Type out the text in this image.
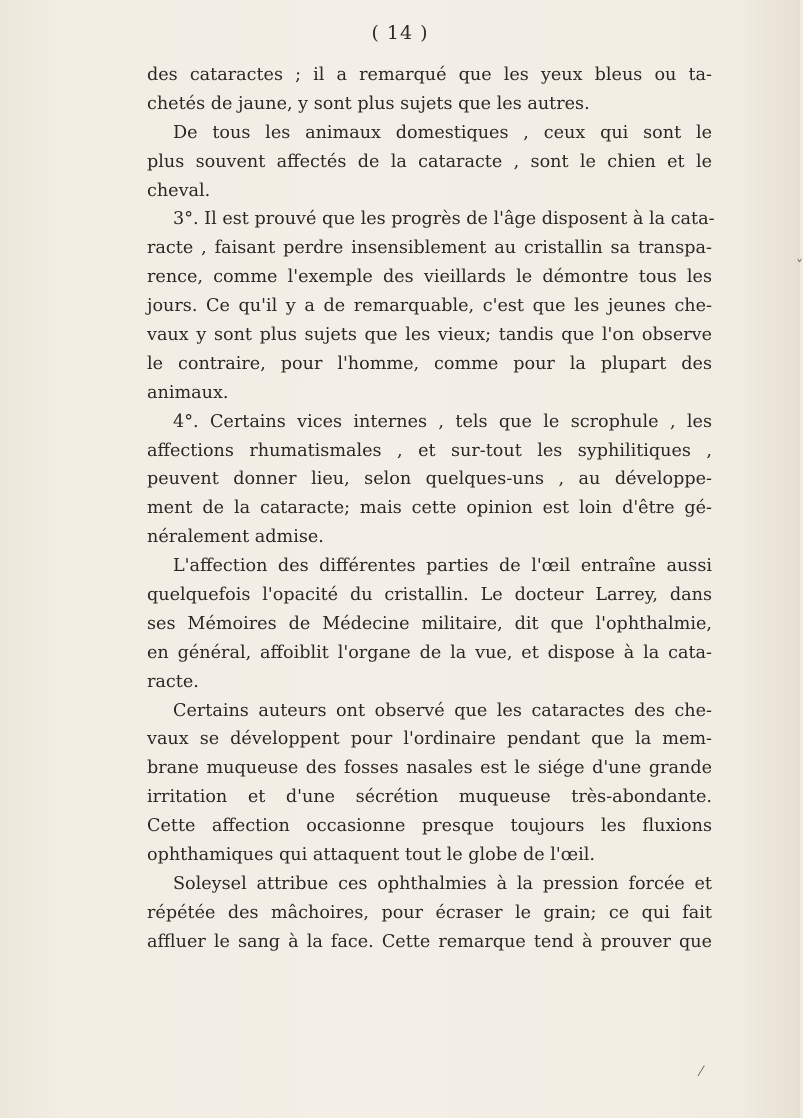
( 14 )
des cataractes ; il a remarqué que les yeux bleus ou ta-
chetés de jaune, y sont plus sujets que les autres.
De tous les animaux domestiques , ceux qui sont le
plus souvent affectés de la cataracte , sont le chien et le
cheval.
3°. Il est prouvé que les progrès de l'âge disposent à la cata-
racte , faisant perdre insensiblement au cristallin sa transpa-
rence, comme l'exemple des vieillards le démontre tous les
jours. Ce qu'il y a de remarquable, c'est que les jeunes che-
vaux y sont plus sujets que les vieux; tandis que l'on observe
le contraire, pour l'homme, comme pour la plupart des
animaux.
4°. Certains vices internes , tels que le scrophule , les
affections rhumatismales , et sur-tout les syphilitiques ,
peuvent donner lieu, selon quelques-uns , au développe-
ment de la cataracte; mais cette opinion est loin d'être gé-
néralement admise.
L'affection des différentes parties de l'œil entraîne aussi
quelquefois l'opacité du cristallin. Le docteur Larrey, dans
ses Mémoires de Médecine militaire, dit que l'ophthalmie,
en général, affoiblit l'organe de la vue, et dispose à la cata-
racte.
Certains auteurs ont observé que les cataractes des che-
vaux se développent pour l'ordinaire pendant que la mem-
brane muqueuse des fosses nasales est le siége d'une grande
irritation et d'une sécrétion muqueuse très-abondante.
Cette affection occasionne presque toujours les fluxions
ophthamiques qui attaquent tout le globe de l'œil.
Soleysel attribue ces ophthalmies à la pression forcée et
répétée des mâchoires, pour écraser le grain; ce qui fait
affluer le sang à la face. Cette remarque tend à prouver que
˅
⁄
